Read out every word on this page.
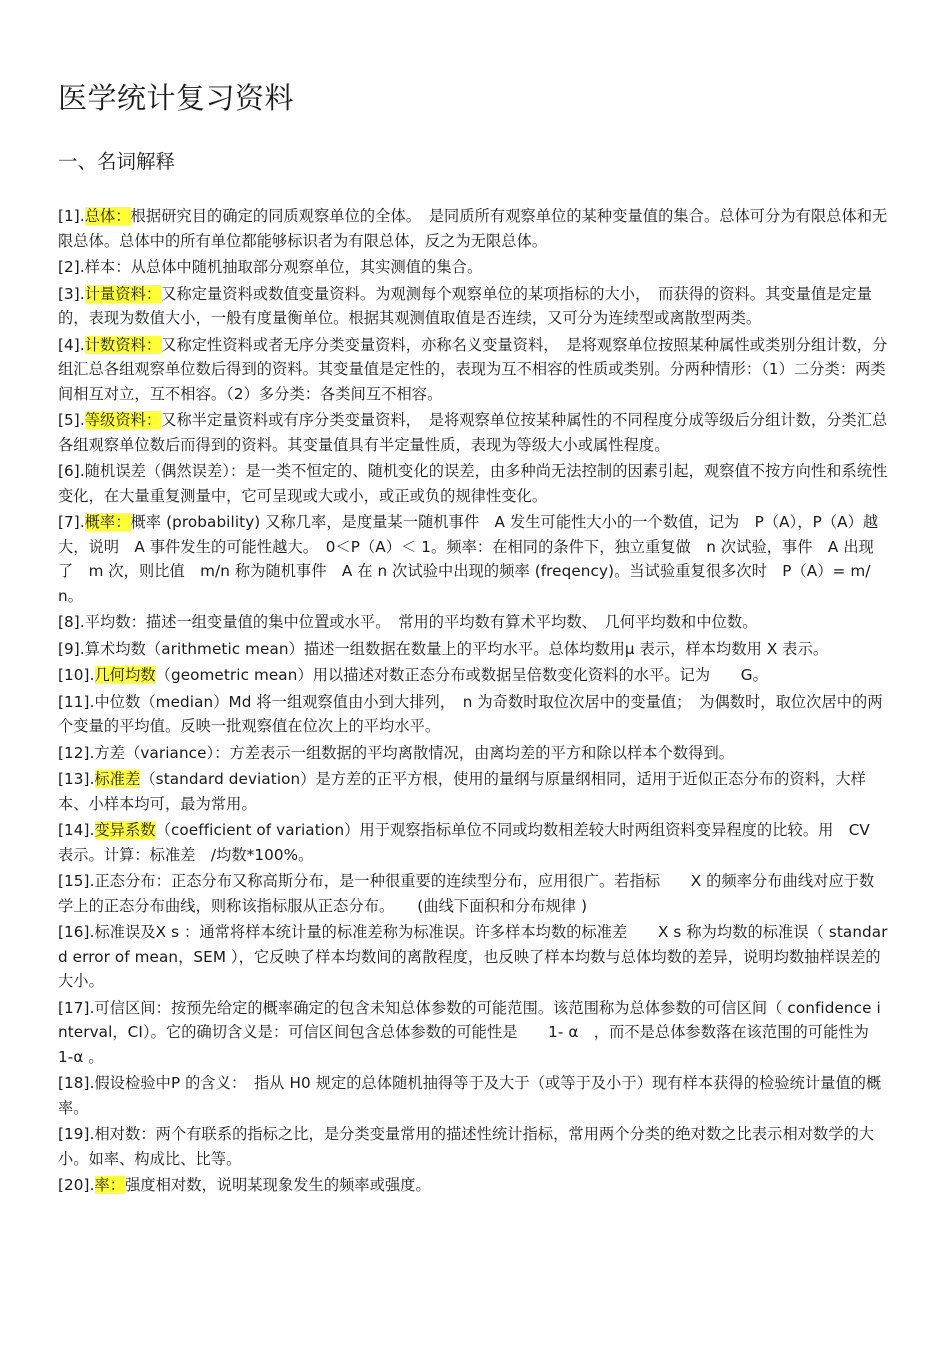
医学统计复习资料
一、名词解释

[1].总体：根据研究目的确定的同质观察单位的全体。　是同质所有观察单位的某种变量值的集合。总体可分为有限总体和无限总体。总体中的所有单位都能够标识者为有限总体，反之为无限总体。

[2].样本：从总体中随机抽取部分观察单位，其实测值的集合。

[3].计量资料：又称定量资料或数值变量资料。为观测每个观察单位的某项指标的大小，　而获得的资料。其变量值是定量的，表现为数值大小，一般有度量衡单位。根据其观测值取值是否连续，又可分为连续型或离散型两类。

[4].计数资料：又称定性资料或者无序分类变量资料，亦称名义变量资料，　是将观察单位按照某种属性或类别分组计数，分组汇总各组观察单位数后得到的资料。其变量值是定性的，表现为互不相容的性质或类别。分两种情形：（1）二分类：两类间相互对立，互不相容。（2）多分类：各类间互不相容。

[5].等级资料：又称半定量资料或有序分类变量资料，　是将观察单位按某种属性的不同程度分成等级后分组计数，分类汇总各组观察单位数后而得到的资料。其变量值具有半定量性质，表现为等级大小或属性程度。

[6].随机误差（偶然误差）：是一类不恒定的、随机变化的误差，由多种尚无法控制的因素引起，观察值不按方向性和系统性变化，在大量重复测量中，它可呈现或大或小，或正或负的规律性变化。

[7].概率：概率 (probability) 又称几率，是度量某一随机事件　A 发生可能性大小的一个数值，记为　P（A），P（A）越大，说明　A 事件发生的可能性越大。　0＜P（A）＜ 1。频率：在相同的条件下，独立重复做　n 次试验，事件　A 出现了　m 次，则比值　m/n 称为随机事件　A 在 n 次试验中出现的频率 (freqency)。当试验重复很多次时　P（A）= m/n。

[8].平均数：描述一组变量值的集中位置或水平。　常用的平均数有算术平均数、　几何平均数和中位数。

[9].算术均数（arithmetic mean）描述一组数据在数量上的平均水平。总体均数用μ 表示，样本均数用 X 表示。

[10].几何均数（geometric mean）用以描述对数正态分布或数据呈倍数变化资料的水平。记为　　G。

[11].中位数（median）Md 将一组观察值由小到大排列，　n 为奇数时取位次居中的变量值；　为偶数时，取位次居中的两个变量的平均值。反映一批观察值在位次上的平均水平。

[12].方差（variance）：方差表示一组数据的平均离散情况，由离均差的平方和除以样本个数得到。

[13].标准差（standard deviation）是方差的正平方根，使用的量纲与原量纲相同，适用于近似正态分布的资料，大样本、小样本均可，最为常用。

[14].变异系数（coefficient of variation）用于观察指标单位不同或均数相差较大时两组资料变异程度的比较。用　CV　表示。计算：标准差　/均数*100%。

[15].正态分布：正态分布又称高斯分布，是一种很重要的连续型分布，应用很广。若指标　　X 的频率分布曲线对应于数学上的正态分布曲线，则称该指标服从正态分布。　　(曲线下面积和分布规律 )

[16].标准误及X s ：通常将样本统计量的标准差称为标准误。许多样本均数的标准差　　X s 称为均数的标准误（ standard error of mean，SEM ），它反映了样本均数间的离散程度，也反映了样本均数与总体均数的差异，说明均数抽样误差的大小。

[17].可信区间：按预先给定的概率确定的包含未知总体参数的可能范围。该范围称为总体参数的可信区间（ confidence interval，CI）。它的确切含义是：可信区间包含总体参数的可能性是　　1- α　，而不是总体参数落在该范围的可能性为　1-α 。

[18].假设检验中P 的含义：　指从 H0 规定的总体随机抽得等于及大于（或等于及小于）现有样本获得的检验统计量值的概率。

[19].相对数：两个有联系的指标之比，是分类变量常用的描述性统计指标，常用两个分类的绝对数之比表示相对数学的大小。如率、构成比、比等。

[20].率：强度相对数，说明某现象发生的频率或强度。
